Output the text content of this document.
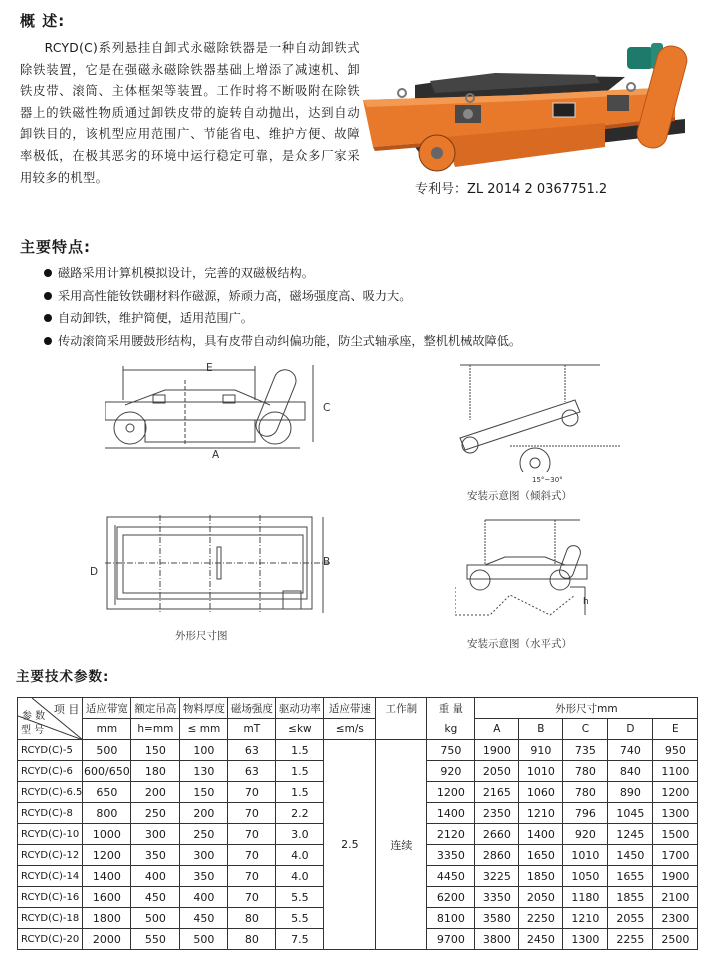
概 述:

RCYD(C)系列悬挂自卸式永磁除铁器是一种自动卸铁式除铁装置，它是在强磁永磁除铁器基础上增添了减速机、卸铁皮带、滚筒、主体框架等装置。工作时将不断吸附在除铁器上的铁磁性物质通过卸铁皮带的旋转自动抛出，达到自动卸铁目的，该机型应用范围广、节能省电、维护方便、故障率极低，在极其恶劣的环境中运行稳定可靠，是众多厂家采用较多的机型。

专利号：ZL 2014 2 0367751.2
主要特点:
磁路采用计算机模拟设计，完善的双磁极结构。
采用高性能钕铁硼材料作磁源，矫顽力高，磁场强度高、吸力大。
自动卸铁，维护简便，适用范围广。
传动滚筒采用腰鼓形结构，具有皮带自动纠偏功能，防尘式轴承座，整机机械故障低。
E
C
A
D
B
外形尺寸图
15°~30°
安装示意图（倾斜式）
h
安装示意图（水平式）
主要技术参数:
项 目
参 数
型 号	适应带宽	额定吊高	物料厚度	磁场强度	驱动功率	适应带速	工作制	重 量	外形尺寸mm				
	mm	h=mm	≤ mm	mT	≤kw	≤m/s		kg	A	B	C	D	E
RCYD(C)-5	500	150	100	63	1.5	2.5	连续	750	1900	910	735	740	950
RCYD(C)-6	600/650	180	130	63	1.5			920	2050	1010	780	840	1100
RCYD(C)-6.5	650	200	150	70	1.5			1200	2165	1060	780	890	1200
RCYD(C)-8	800	250	200	70	2.2			1400	2350	1210	796	1045	1300
RCYD(C)-10	1000	300	250	70	3.0			2120	2660	1400	920	1245	1500
RCYD(C)-12	1200	350	300	70	4.0			3350	2860	1650	1010	1450	1700
RCYD(C)-14	1400	400	350	70	4.0			4450	3225	1850	1050	1655	1900
RCYD(C)-16	1600	450	400	70	5.5			6200	3350	2050	1180	1855	2100
RCYD(C)-18	1800	500	450	80	5.5			8100	3580	2250	1210	2055	2300
RCYD(C)-20	2000	550	500	80	7.5			9700	3800	2450	1300	2255	2500
